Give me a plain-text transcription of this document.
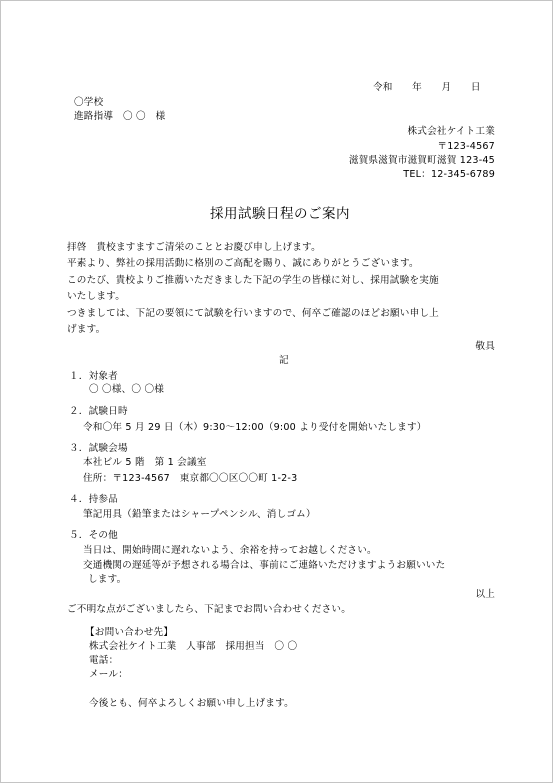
令和　　年　　月　　日
〇学校
進路指導　〇 〇　様
株式会社ケイト工業
〒123-4567
滋賀県滋賀市滋賀町滋賀 123-45
TEL：12-345-6789
採用試験日程のご案内
拝啓　貴校ますますご清栄のこととお慶び申し上げます。
平素より、弊社の採用活動に格別のご高配を賜り、誠にありがとうございます。
このたび、貴校よりご推薦いただきました下記の学生の皆様に対し、採用試験を実施
いたします。
つきましては、下記の要領にて試験を行いますので、何卒ご確認のほどお願い申し上
げます。
敬具
記
１．対象者
〇 〇様、〇 〇様
２．試験日時
令和〇年 5 月 29 日（木）9:30～12:00（9:00 より受付を開始いたします）
３．試験会場
本社ビル 5 階　第 1 会議室
住所：〒123-4567　東京都〇〇区〇〇町 1-2-3
４．持参品
筆記用具（鉛筆またはシャープペンシル、消しゴム）
５．その他
当日は、開始時間に遅れないよう、余裕を持ってお越しください。
交通機関の遅延等が予想される場合は、事前にご連絡いただけますようお願いいた
します。
以上
ご不明な点がございましたら、下記までお問い合わせください。
【お問い合わせ先】
株式会社ケイト工業　人事部　採用担当　〇 〇
電話：
メール：
今後とも、何卒よろしくお願い申し上げます。
